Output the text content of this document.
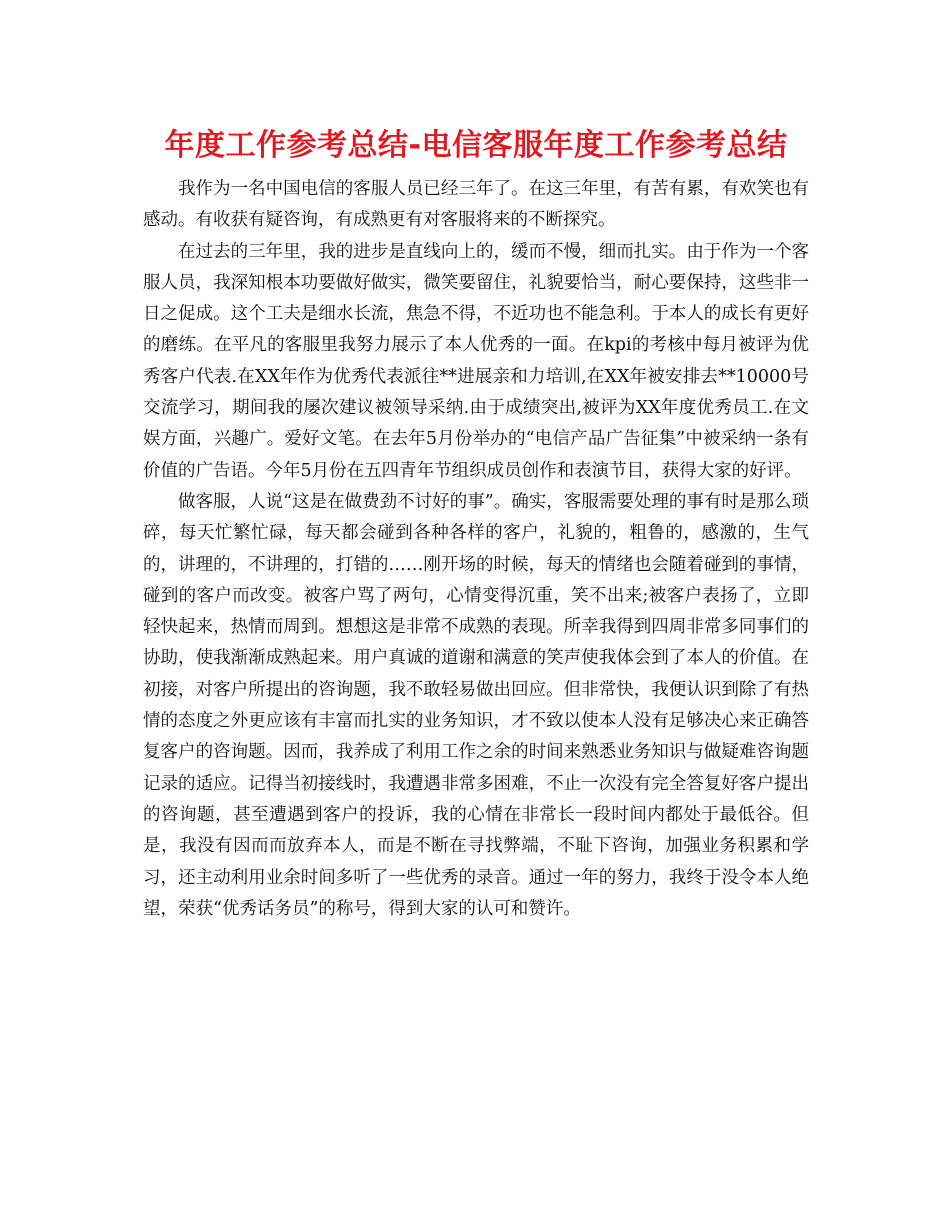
年度工作参考总结-电信客服年度工作参考总结

我作为一名中国电信的客服人员已经三年了。在这三年里，有苦有累，有欢笑也有感动。有收获有疑咨询，有成熟更有对客服将来的不断探究。

在过去的三年里，我的进步是直线向上的，缓而不慢，细而扎实。由于作为一个客服人员，我深知根本功要做好做实，微笑要留住，礼貌要恰当，耐心要保持，这些非一日之促成。这个工夫是细水长流，焦急不得，不近功也不能急利。于本人的成长有更好的磨练。在平凡的客服里我努力展示了本人优秀的一面。在kpi的考核中每月被评为优秀客户代表.在XX年作为优秀代表派往**进展亲和力培训,在XX年被安排去**10000号交流学习，期间我的屡次建议被领导采纳.由于成绩突出,被评为XX年度优秀员工.在文娱方面，兴趣广。爱好文笔。在去年5月份举办的“电信产品广告征集”中被采纳一条有价值的广告语。今年5月份在五四青年节组织成员创作和表演节目，获得大家的好评。

做客服，人说“这是在做费劲不讨好的事”。确实，客服需要处理的事有时是那么琐碎，每天忙繁忙碌，每天都会碰到各种各样的客户，礼貌的，粗鲁的，感激的，生气的，讲理的，不讲理的，打错的……刚开场的时候，每天的情绪也会随着碰到的事情，碰到的客户而改变。被客户骂了两句，心情变得沉重，笑不出来;被客户表扬了，立即轻快起来，热情而周到。想想这是非常不成熟的表现。所幸我得到四周非常多同事们的协助，使我渐渐成熟起来。用户真诚的道谢和满意的笑声使我体会到了本人的价值。在初接，对客户所提出的咨询题，我不敢轻易做出回应。但非常快，我便认识到除了有热情的态度之外更应该有丰富而扎实的业务知识，才不致以使本人没有足够决心来正确答复客户的咨询题。因而，我养成了利用工作之余的时间来熟悉业务知识与做疑难咨询题记录的适应。记得当初接线时，我遭遇非常多困难，不止一次没有完全答复好客户提出的咨询题，甚至遭遇到客户的投诉，我的心情在非常长一段时间内都处于最低谷。但是，我没有因而而放弃本人，而是不断在寻找弊端，不耻下咨询，加强业务积累和学习，还主动利用业余时间多听了一些优秀的录音。通过一年的努力，我终于没令本人绝望，荣获“优秀话务员”的称号，得到大家的认可和赞许。
